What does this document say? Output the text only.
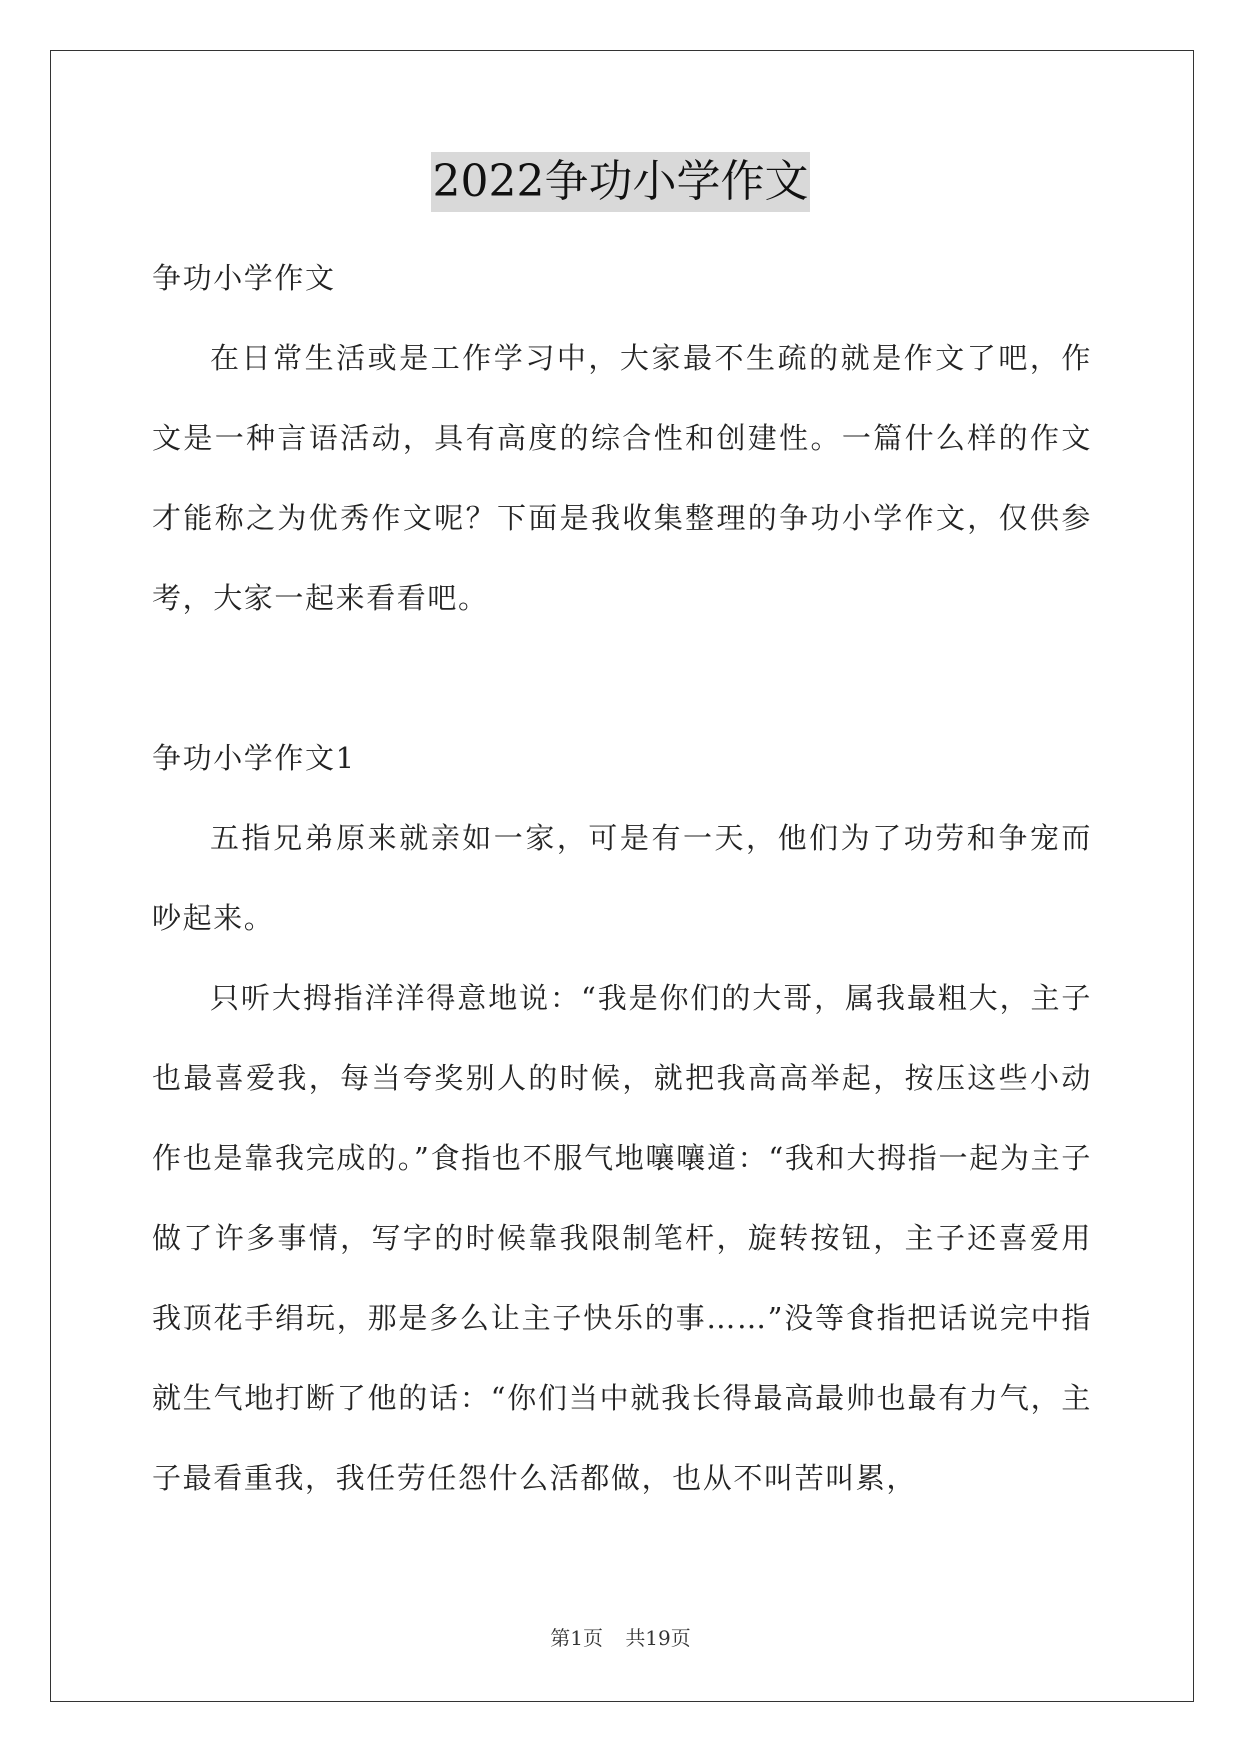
2022争功小学作文

争功小学作文

在日常生活或是工作学习中，大家最不生疏的就是作文了吧，作文是一种言语活动，具有高度的综合性和创建性。一篇什么样的作文才能称之为优秀作文呢？下面是我收集整理的争功小学作文，仅供参考，大家一起来看看吧。

争功小学作文1

五指兄弟原来就亲如一家，可是有一天，他们为了功劳和争宠而吵起来。

只听大拇指洋洋得意地说：“我是你们的大哥，属我最粗大，主子也最喜爱我，每当夸奖别人的时候，就把我高高举起，按压这些小动作也是靠我完成的。”食指也不服气地嚷嚷道：“我和大拇指一起为主子做了许多事情，写字的时候靠我限制笔杆，旋转按钮，主子还喜爱用我顶花手绢玩，那是多么让主子快乐的事……”没等食指把话说完中指就生气地打断了他的话：“你们当中就我长得最高最帅也最有力气，主子最看重我，我任劳任怨什么活都做，也从不叫苦叫累，

第1页 共19页
